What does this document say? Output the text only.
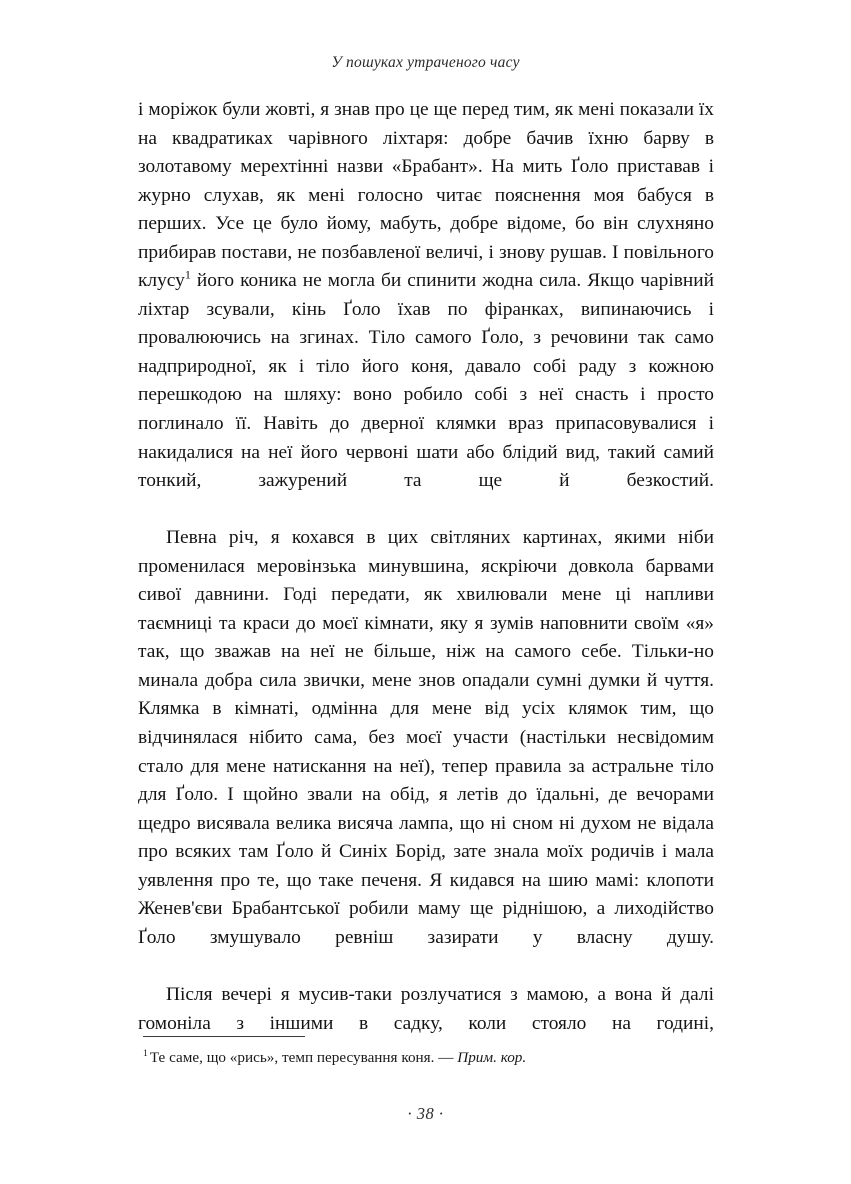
У пошуках утраченого часу

і моріжок були жовті, я знав про це ще перед тим, як мені показали їх на квадратиках чарівного ліхтаря: добре бачив їхню барву в золотавому мерехтінні назви «Брабант». На мить Ґоло приставав і журно слухав, як мені голосно читає пояснення моя бабуся в перших. Усе це було йому, мабуть, добре відоме, бо він слухняно прибирав постави, не позбавленої величі, і знову рушав. І повільного клусу$^1$ його коника не могла би спинити жодна сила. Якщо чарівний ліхтар зсували, кінь Ґоло їхав по фіранках, випинаючись і провалюючись на згинах. Тіло самого Ґоло, з речовини так само надприродної, як і тіло його коня, давало собі раду з кожною перешкодою на шляху: воно робило собі з неї снасть і просто поглинало її. Навіть до дверної клямки враз припасовувалися і накидалися на неї його червоні шати або блідий вид, такий самий тонкий, зажурений та ще й безкостий.

Певна річ, я кохався в цих світляних картинах, якими ніби променилася меровінзька минувшина, яскріючи довкола барвами сивої давнини. Годі передати, як хвилювали мене ці напливи таємниці та краси до моєї кімнати, яку я зумів наповнити своїм «я» так, що зважав на неї не більше, ніж на самого себе. Тільки-но минала добра сила звички, мене знов опадали сумні думки й чуття. Клямка в кімнаті, одмінна для мене від усіх клямок тим, що відчинялася нібито сама, без моєї участи (настільки несвідомим стало для мене натискання на неї), тепер правила за астральне тіло для Ґоло. І щойно звали на обід, я летів до їдальні, де вечорами щедро висявала велика висяча лампа, що ні сном ні духом не відала про всяких там Ґоло й Синіх Борід, зате знала моїх родичів і мала уявлення про те, що таке печеня. Я кидався на шию мамі: клопоти Женев'єви Брабантської робили маму ще ріднішою, а лиходійство Ґоло змушувало ревніш зазирати у власну душу.

Після вечері я мусив-таки розлучатися з мамою, а вона й далі гомоніла з іншими в садку, коли стояло на годині,

$^1$ Те саме, що «рись», темп пересування коня. — Прим. кор.
· 38 ·
